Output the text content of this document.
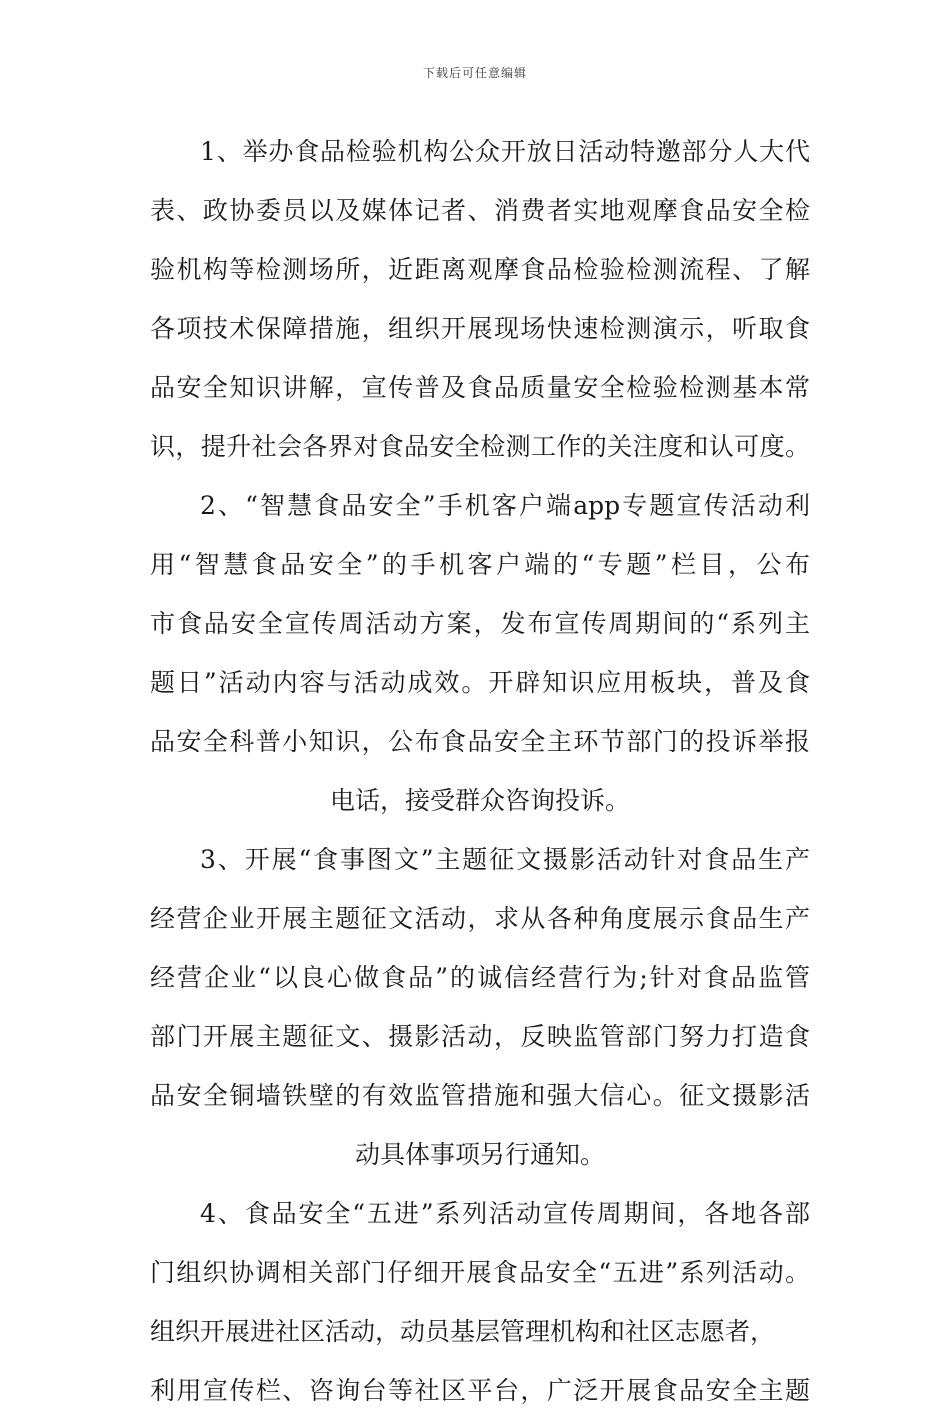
下载后可任意编辑
1、举办食品检验机构公众开放日活动特邀部分人大代
表、政协委员以及媒体记者、消费者实地观摩食品安全检
验机构等检测场所，近距离观摩食品检验检测流程、了解
各项技术保障措施，组织开展现场快速检测演示，听取食
品安全知识讲解，宣传普及食品质量安全检验检测基本常
识，提升社会各界对食品安全检测工作的关注度和认可度。
2、“智慧食品安全”手机客户端app专题宣传活动利
用“智慧食品安全”的手机客户端的“专题”栏目，公布
市食品安全宣传周活动方案，发布宣传周期间的“系列主
题日”活动内容与活动成效。开辟知识应用板块，普及食
品安全科普小知识，公布食品安全主环节部门的投诉举报
电话，接受群众咨询投诉。
3、开展“食事图文”主题征文摄影活动针对食品生产
经营企业开展主题征文活动，求从各种角度展示食品生产
经营企业“以良心做食品”的诚信经营行为;针对食品监管
部门开展主题征文、摄影活动，反映监管部门努力打造食
品安全铜墙铁壁的有效监管措施和强大信心。征文摄影活
动具体事项另行通知。
4、食品安全“五进”系列活动宣传周期间，各地各部
门组织协调相关部门仔细开展食品安全“五进”系列活动。
组织开展进社区活动，动员基层管理机构和社区志愿者，
利用宣传栏、咨询台等社区平台，广泛开展食品安全主题
